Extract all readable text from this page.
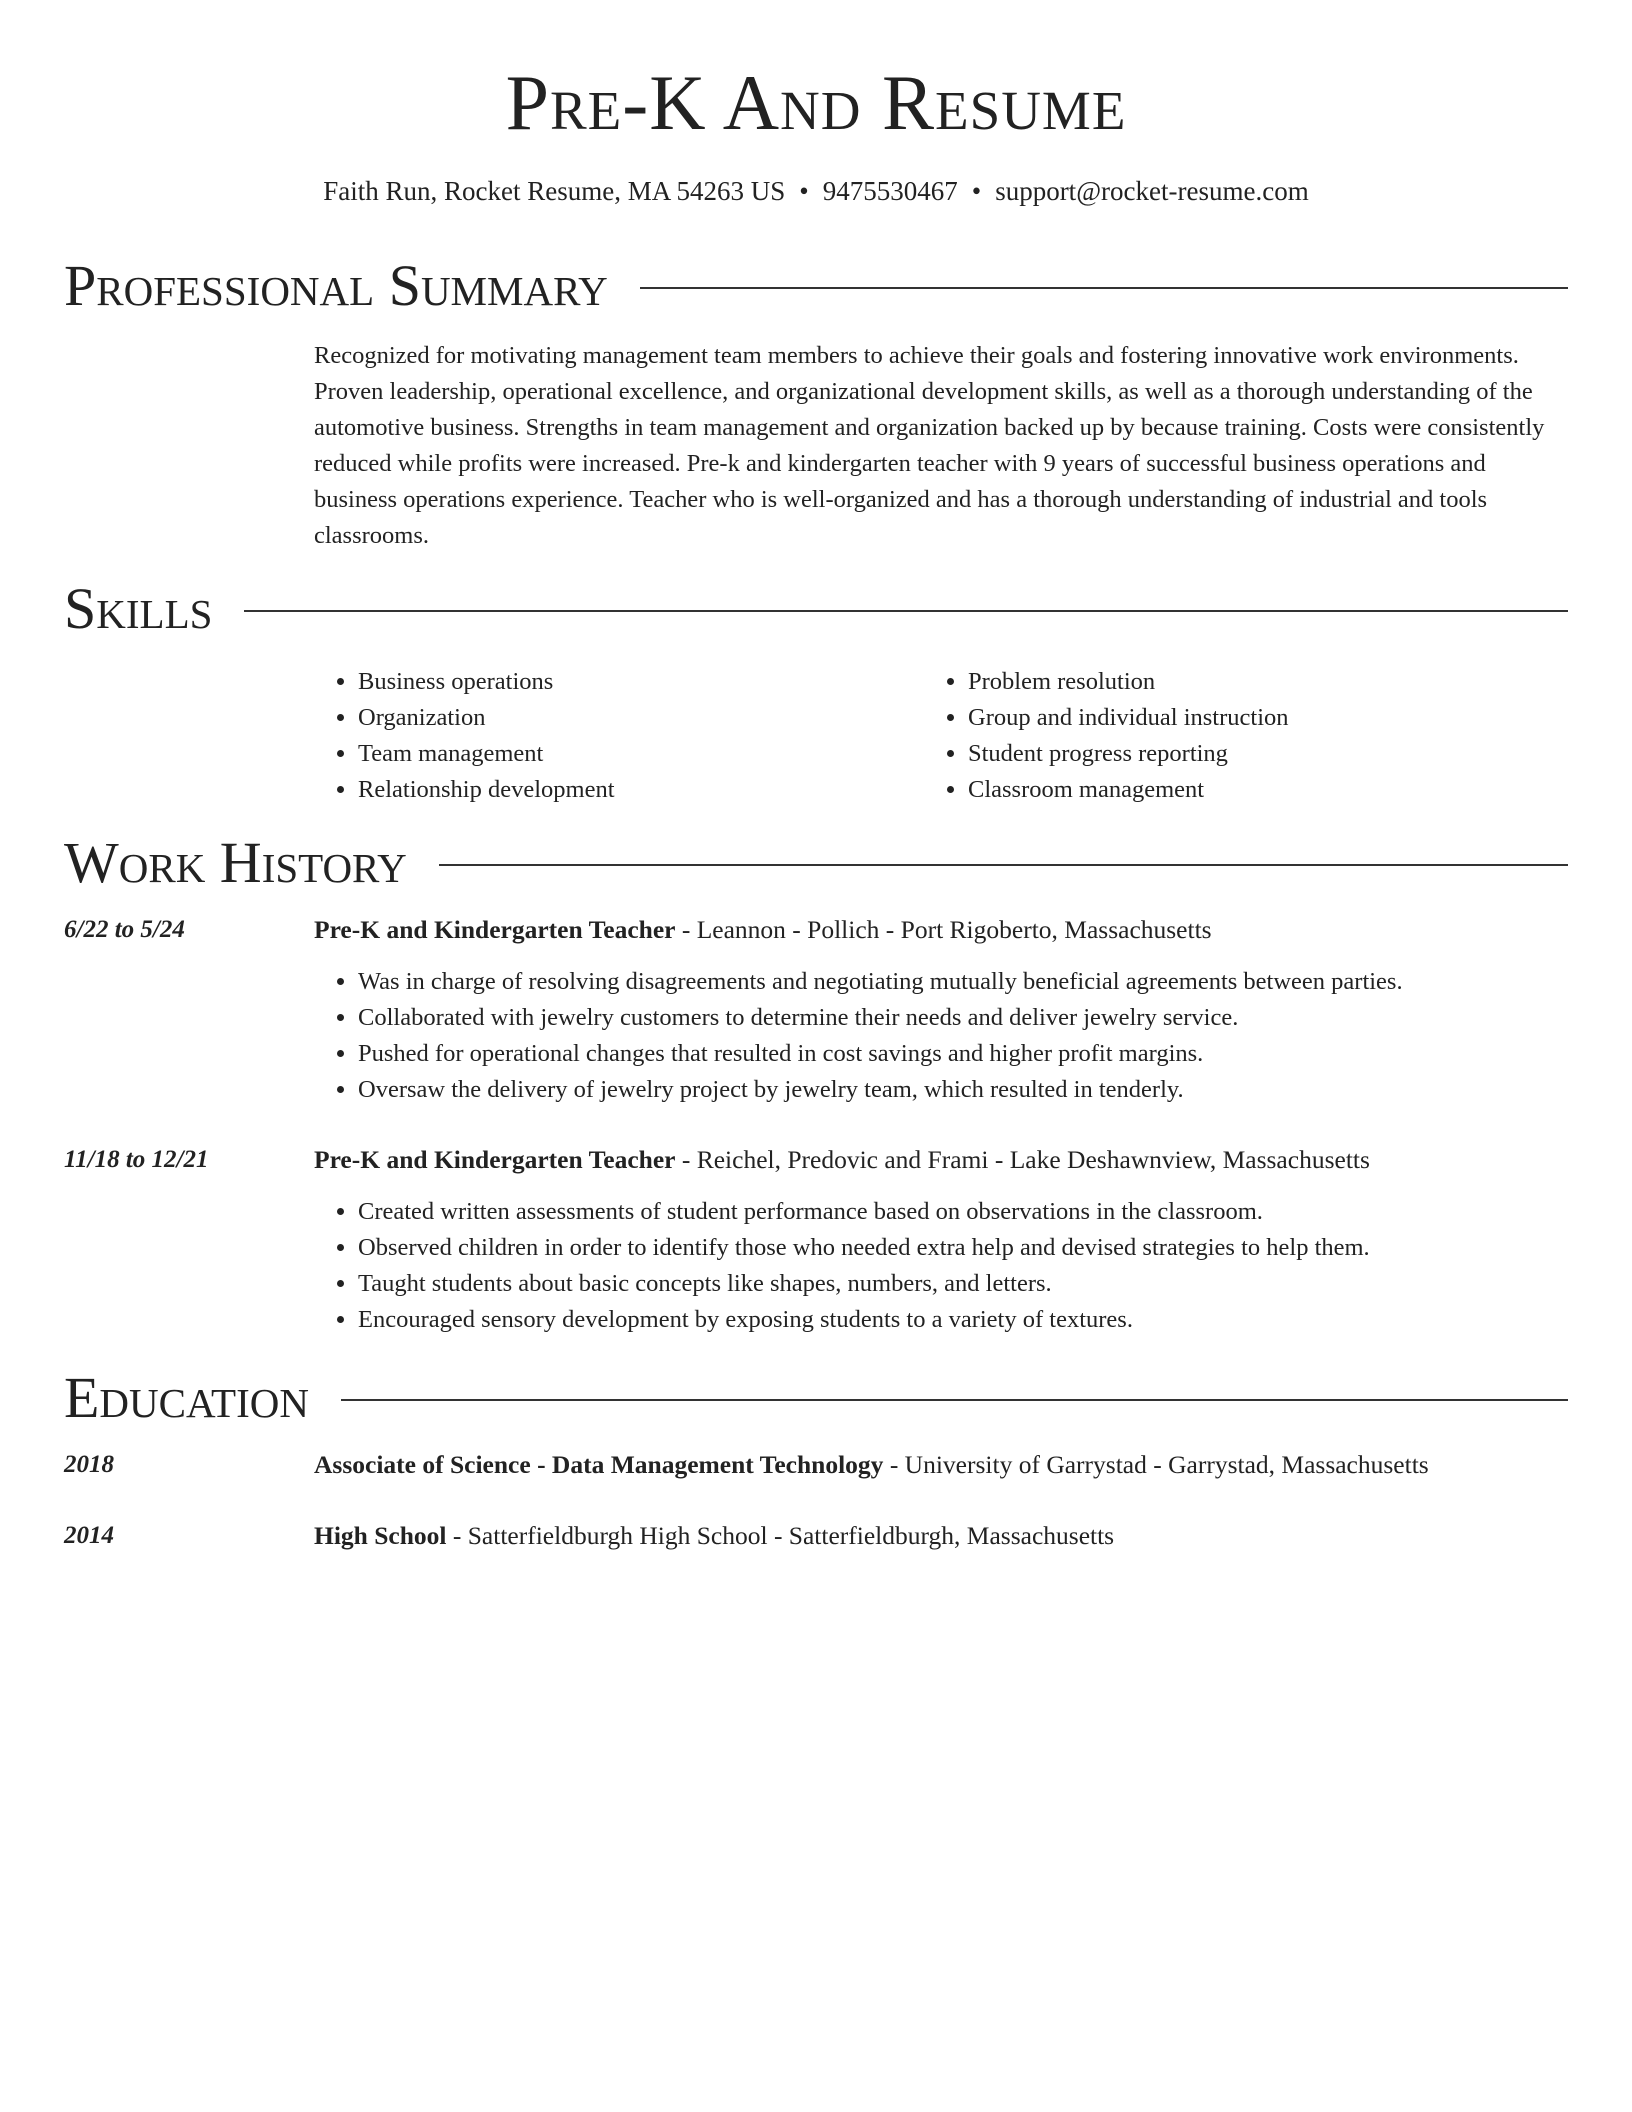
Pre-K And Resume
Faith Run, Rocket Resume, MA 54263 US • 9475530467 • support@rocket-resume.com
Professional Summary

Recognized for motivating management team members to achieve their goals and fostering innovative work environments. Proven leadership, operational excellence, and organizational development skills, as well as a thorough understanding of the automotive business. Strengths in team management and organization backed up by because training. Costs were consistently reduced while profits were increased. Pre-k and kindergarten teacher with 9 years of successful business operations and business operations experience. Teacher who is well-organized and has a thorough understanding of industrial and tools classrooms.

Skills
• Business operations
• Organization
• Team management
• Relationship development
• Problem resolution
• Group and individual instruction
• Student progress reporting
• Classroom management
Work History
6/22 to 5/24	Pre-K and Kindergarten Teacher - Leannon - Pollich - Port Rigoberto, Massachusetts
• Was in charge of resolving disagreements and negotiating mutually beneficial agreements between parties.
• Collaborated with jewelry customers to determine their needs and deliver jewelry service.
• Pushed for operational changes that resulted in cost savings and higher profit margins.
• Oversaw the delivery of jewelry project by jewelry team, which resulted in tenderly.
11/18 to 12/21	Pre-K and Kindergarten Teacher - Reichel, Predovic and Frami - Lake Deshawnview, Massachusetts
• Created written assessments of student performance based on observations in the classroom.
• Observed children in order to identify those who needed extra help and devised strategies to help them.
• Taught students about basic concepts like shapes, numbers, and letters.
• Encouraged sensory development by exposing students to a variety of textures.
Education
2018	Associate of Science - Data Management Technology - University of Garrystad - Garrystad, Massachusetts
2014	High School - Satterfieldburgh High School - Satterfieldburgh, Massachusetts
